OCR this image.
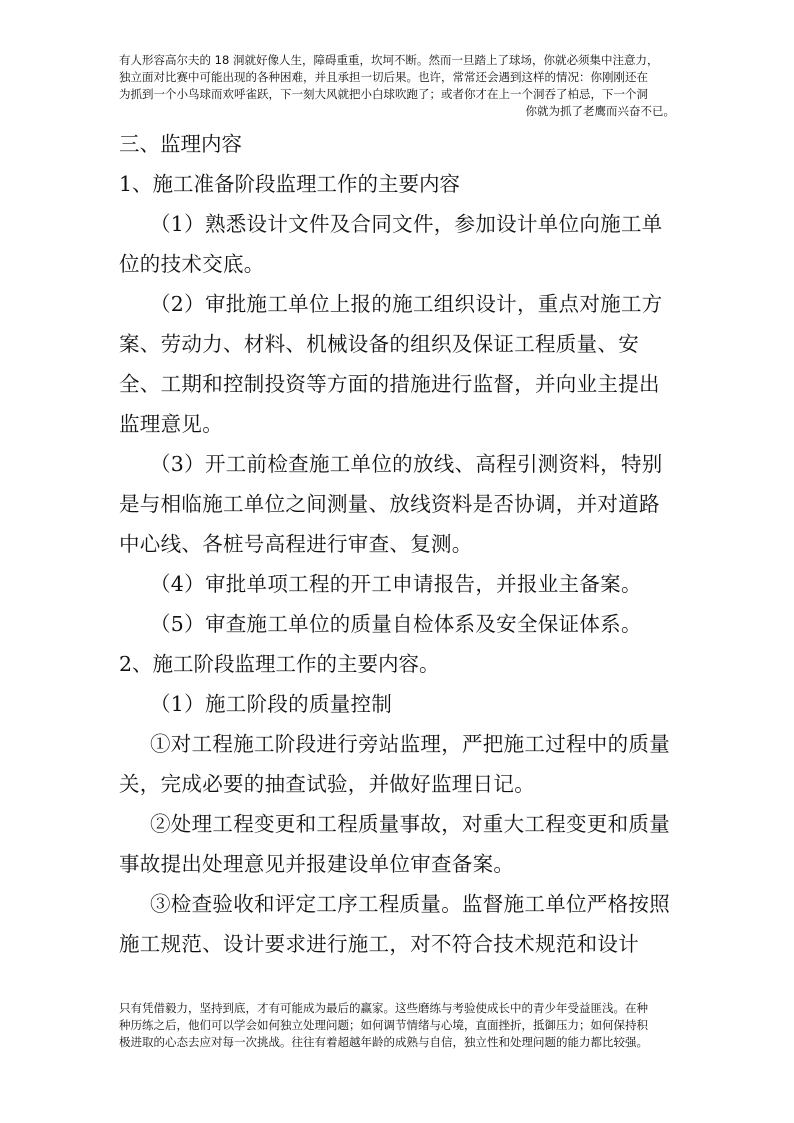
有人形容高尔夫的 18 洞就好像人生，障碍重重，坎坷不断。然而一旦踏上了球场，你就必须集中注意力，
独立面对比赛中可能出现的各种困难，并且承担一切后果。也许，常常还会遇到这样的情况：你刚刚还在
为抓到一个小鸟球而欢呼雀跃，下一刻大风就把小白球吹跑了；或者你才在上一个洞吞了柏忌，下一个洞
你就为抓了老鹰而兴奋不已。

三、监理内容

1、施工准备阶段监理工作的主要内容

（1）熟悉设计文件及合同文件，参加设计单位向施工单位的技术交底。

（2）审批施工单位上报的施工组织设计，重点对施工方案、劳动力、材料、机械设备的组织及保证工程质量、安全、工期和控制投资等方面的措施进行监督，并向业主提出监理意见。

（3）开工前检查施工单位的放线、高程引测资料，特别是与相临施工单位之间测量、放线资料是否协调，并对道路中心线、各桩号高程进行审查、复测。

（4）审批单项工程的开工申请报告，并报业主备案。

（5）审查施工单位的质量自检体系及安全保证体系。

2、施工阶段监理工作的主要内容。

（1）施工阶段的质量控制

①对工程施工阶段进行旁站监理，严把施工过程中的质量关，完成必要的抽查试验，并做好监理日记。

②处理工程变更和工程质量事故，对重大工程变更和质量事故提出处理意见并报建设单位审查备案。

③检查验收和评定工序工程质量。监督施工单位严格按照施工规范、设计要求进行施工，对不符合技术规范和设计

只有凭借毅力，坚持到底，才有可能成为最后的赢家。这些磨练与考验使成长中的青少年受益匪浅。在种
种历练之后，他们可以学会如何独立处理问题；如何调节情绪与心境，直面挫折，抵御压力；如何保持积
极进取的心态去应对每一次挑战。往往有着超越年龄的成熟与自信，独立性和处理问题的能力都比较强。
